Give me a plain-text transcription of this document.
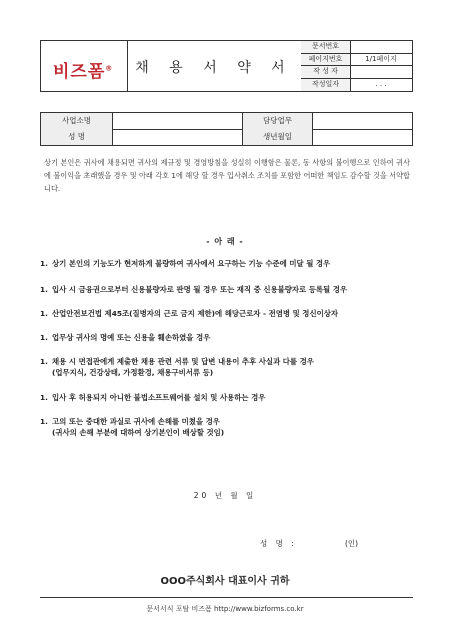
비즈폼®	채 용 서 약 서
문서번호
페이지번호	1/1페이지
작 성 자
작성일자	. . .
사업소명	담당업무
성 명	생년월일
상기 본인은 귀사에 채용되면 귀사의 제규정 및 경영방침을 성실히 이행함은 물론, 동 사항의 불이행으로 인하여 귀사에 불이익을 초래했을 경우 및 아래 각호 1에 해당 할 경우 입사취소 조치를 포함한 어떠한 책임도 감수할 것을 서약합니다.
- 아 래 -
1. 상기 본인의 기능도가 현저하게 불량하여 귀사에서 요구하는 기능 수준에 미달 될 경우
1. 입사 시 금융권으로부터 신용불량자로 판명 될 경우 또는 재직 중 신용불량자로 등록될 경우
1. 산업안전보건법 제45조(질병자의 근로 금지 제한)에 해당근로자 - 전염병 및 정신이상자
1. 업무상 귀사의 명예 또는 신용을 훼손하였을 경우
1. 채용 시 면접관에게 제출한 채용 관련 서류 및 답변 내용이 추후 사실과 다를 경우
(업무지식, 건강상태, 가정환경, 채용구비서류 등)
1. 입사 후 허용되지 아니한 불법소프트웨어를 설치 및 사용하는 경우
1. 고의 또는 중대한 과실로 귀사에 손해를 미쳤을 경우
(귀사의 손해 부분에 대하여 상기본인이 배상할 것임)
20 년 월 일
성 명 :	(인)
OOO주식회사 대표이사 귀하
문서서식 포탈 비즈폼 http://www.bizforms.co.kr
